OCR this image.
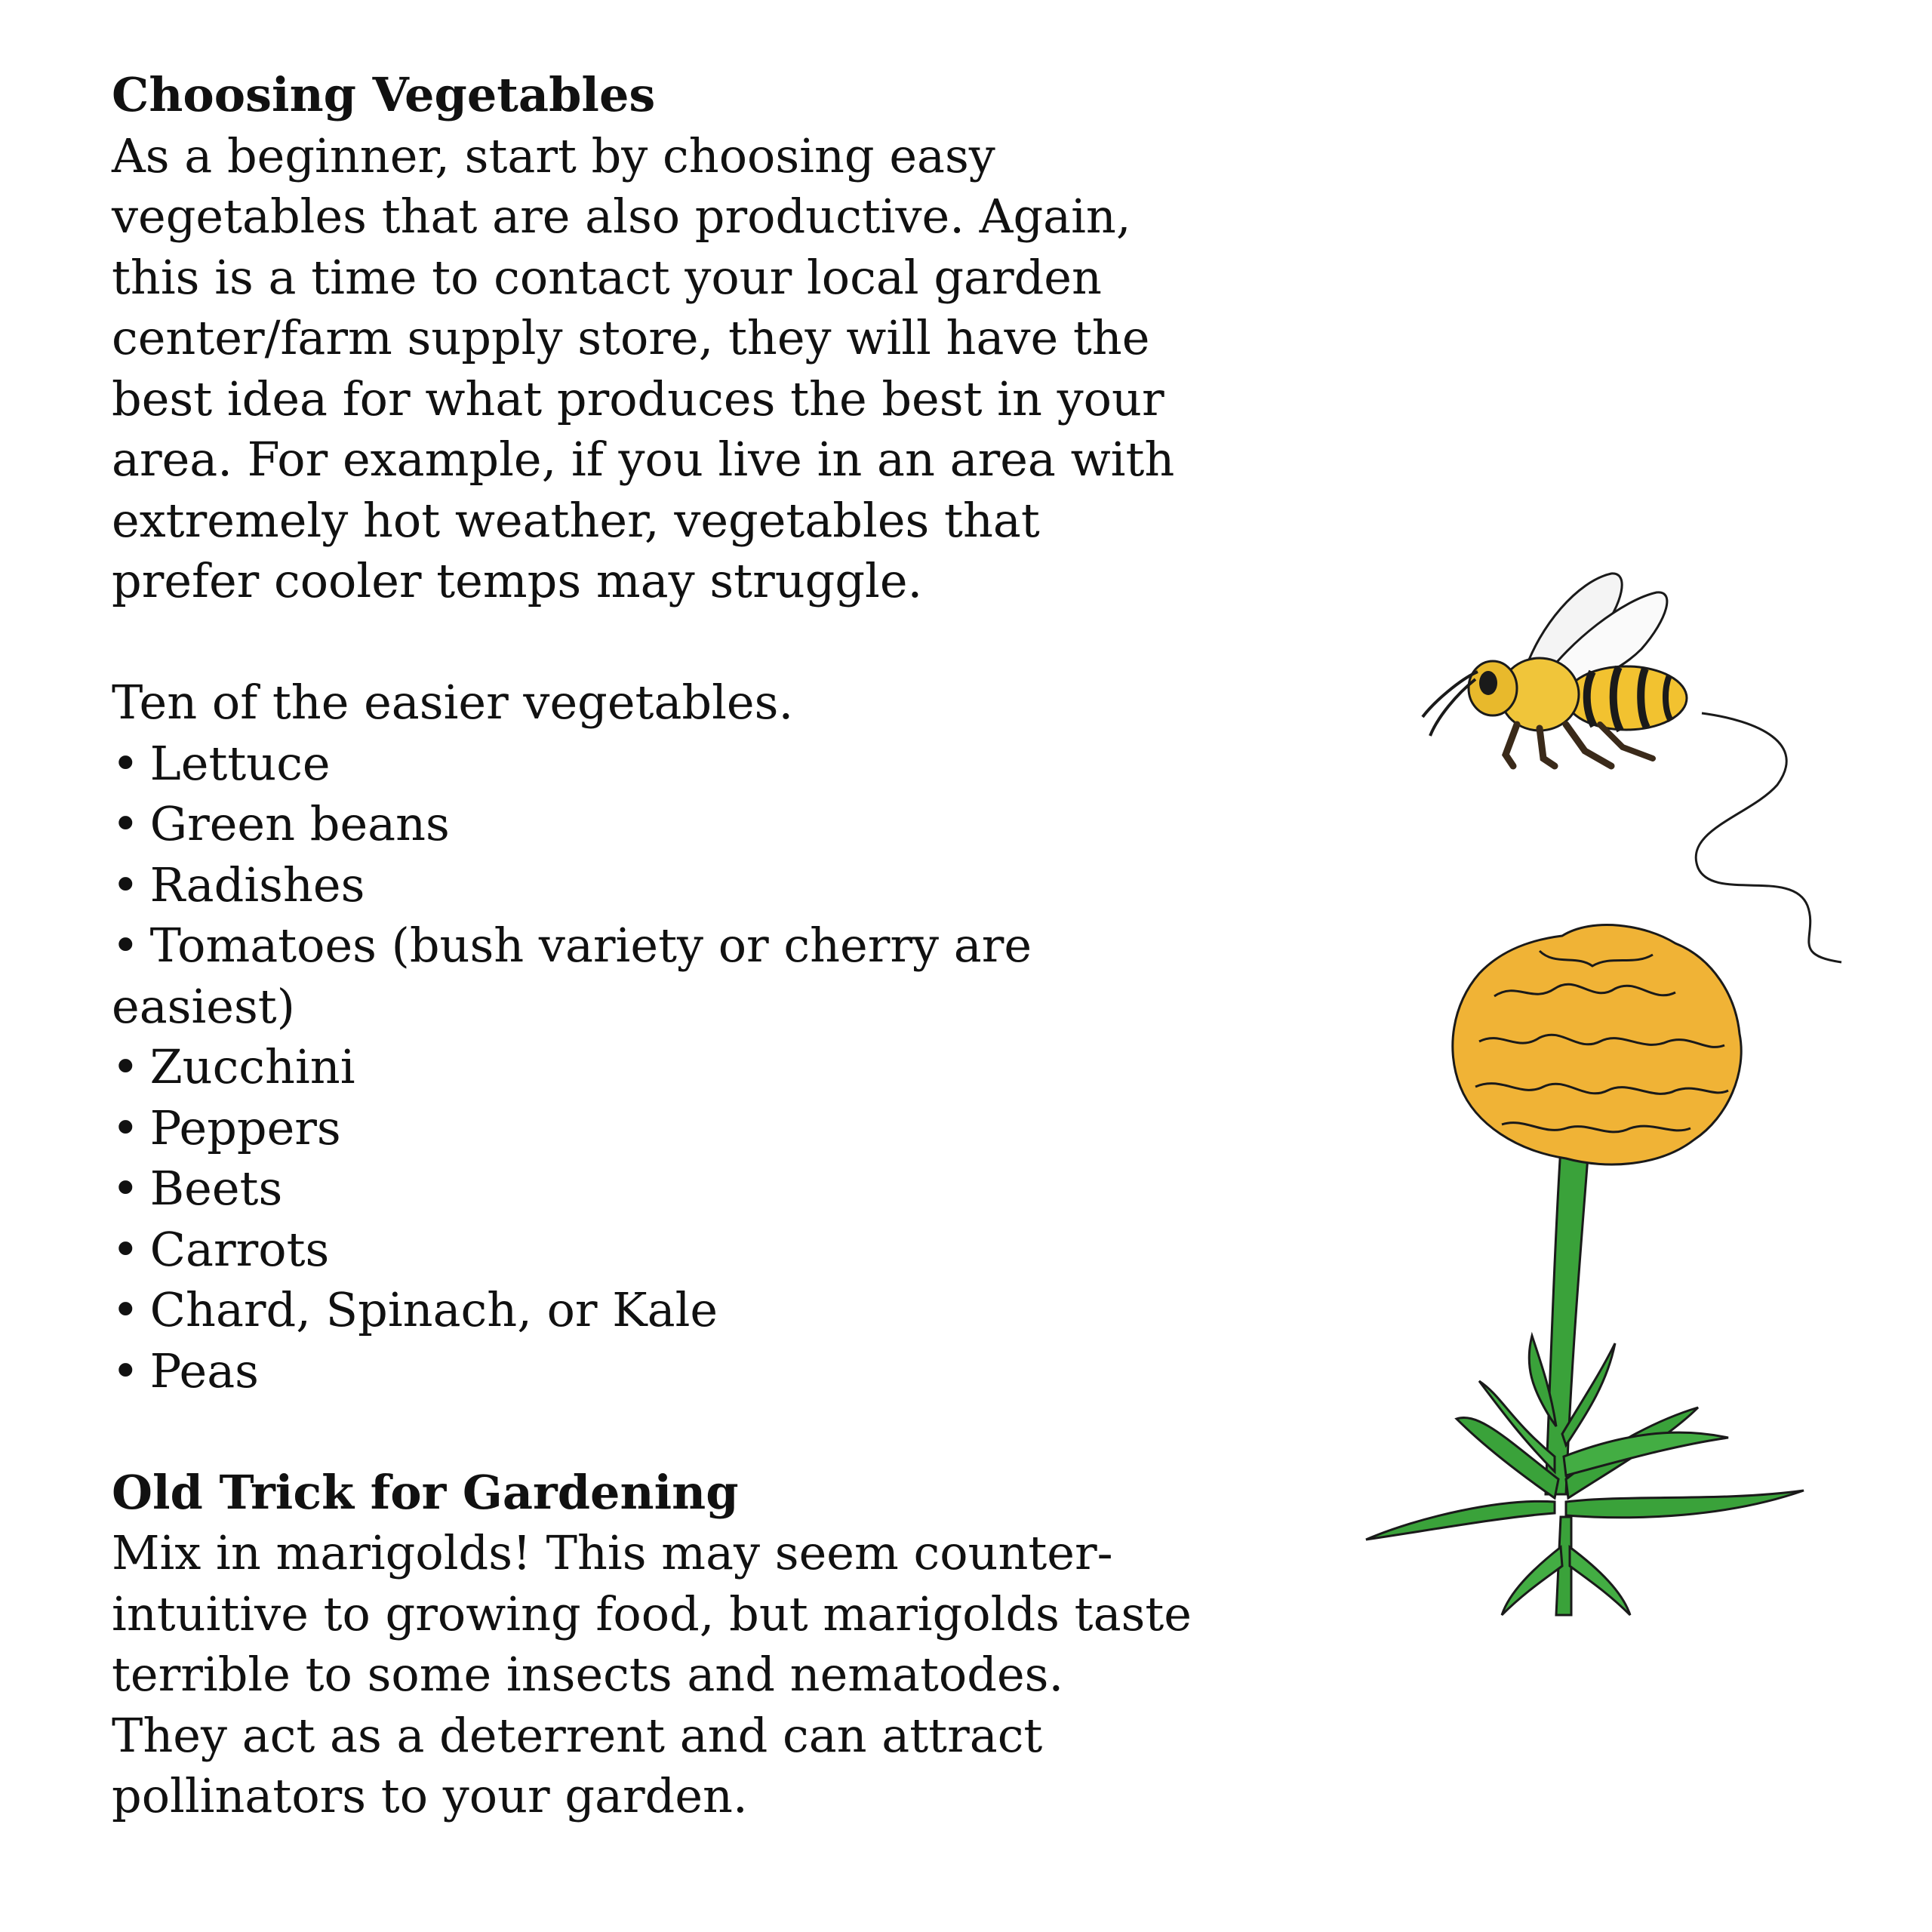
Choosing Vegetables

As a beginner, start by choosing easy
vegetables that are also productive. Again,
this is a time to contact your local garden
center/farm supply store, they will have the
best idea for what produces the best in your
area. For example, if you live in an area with
extremely hot weather, vegetables that
prefer cooler temps may struggle.
Ten of the easier vegetables.
• Lettuce
• Green beans
• Radishes
• Tomatoes (bush variety or cherry are
easiest)
• Zucchini
• Peppers
• Beets
• Carrots
• Chard, Spinach, or Kale
• Peas

Old Trick for Gardening

Mix in marigolds! This may seem counter-
intuitive to growing food, but marigolds taste
terrible to some insects and nematodes.
They act as a deterrent and can attract
pollinators to your garden.
